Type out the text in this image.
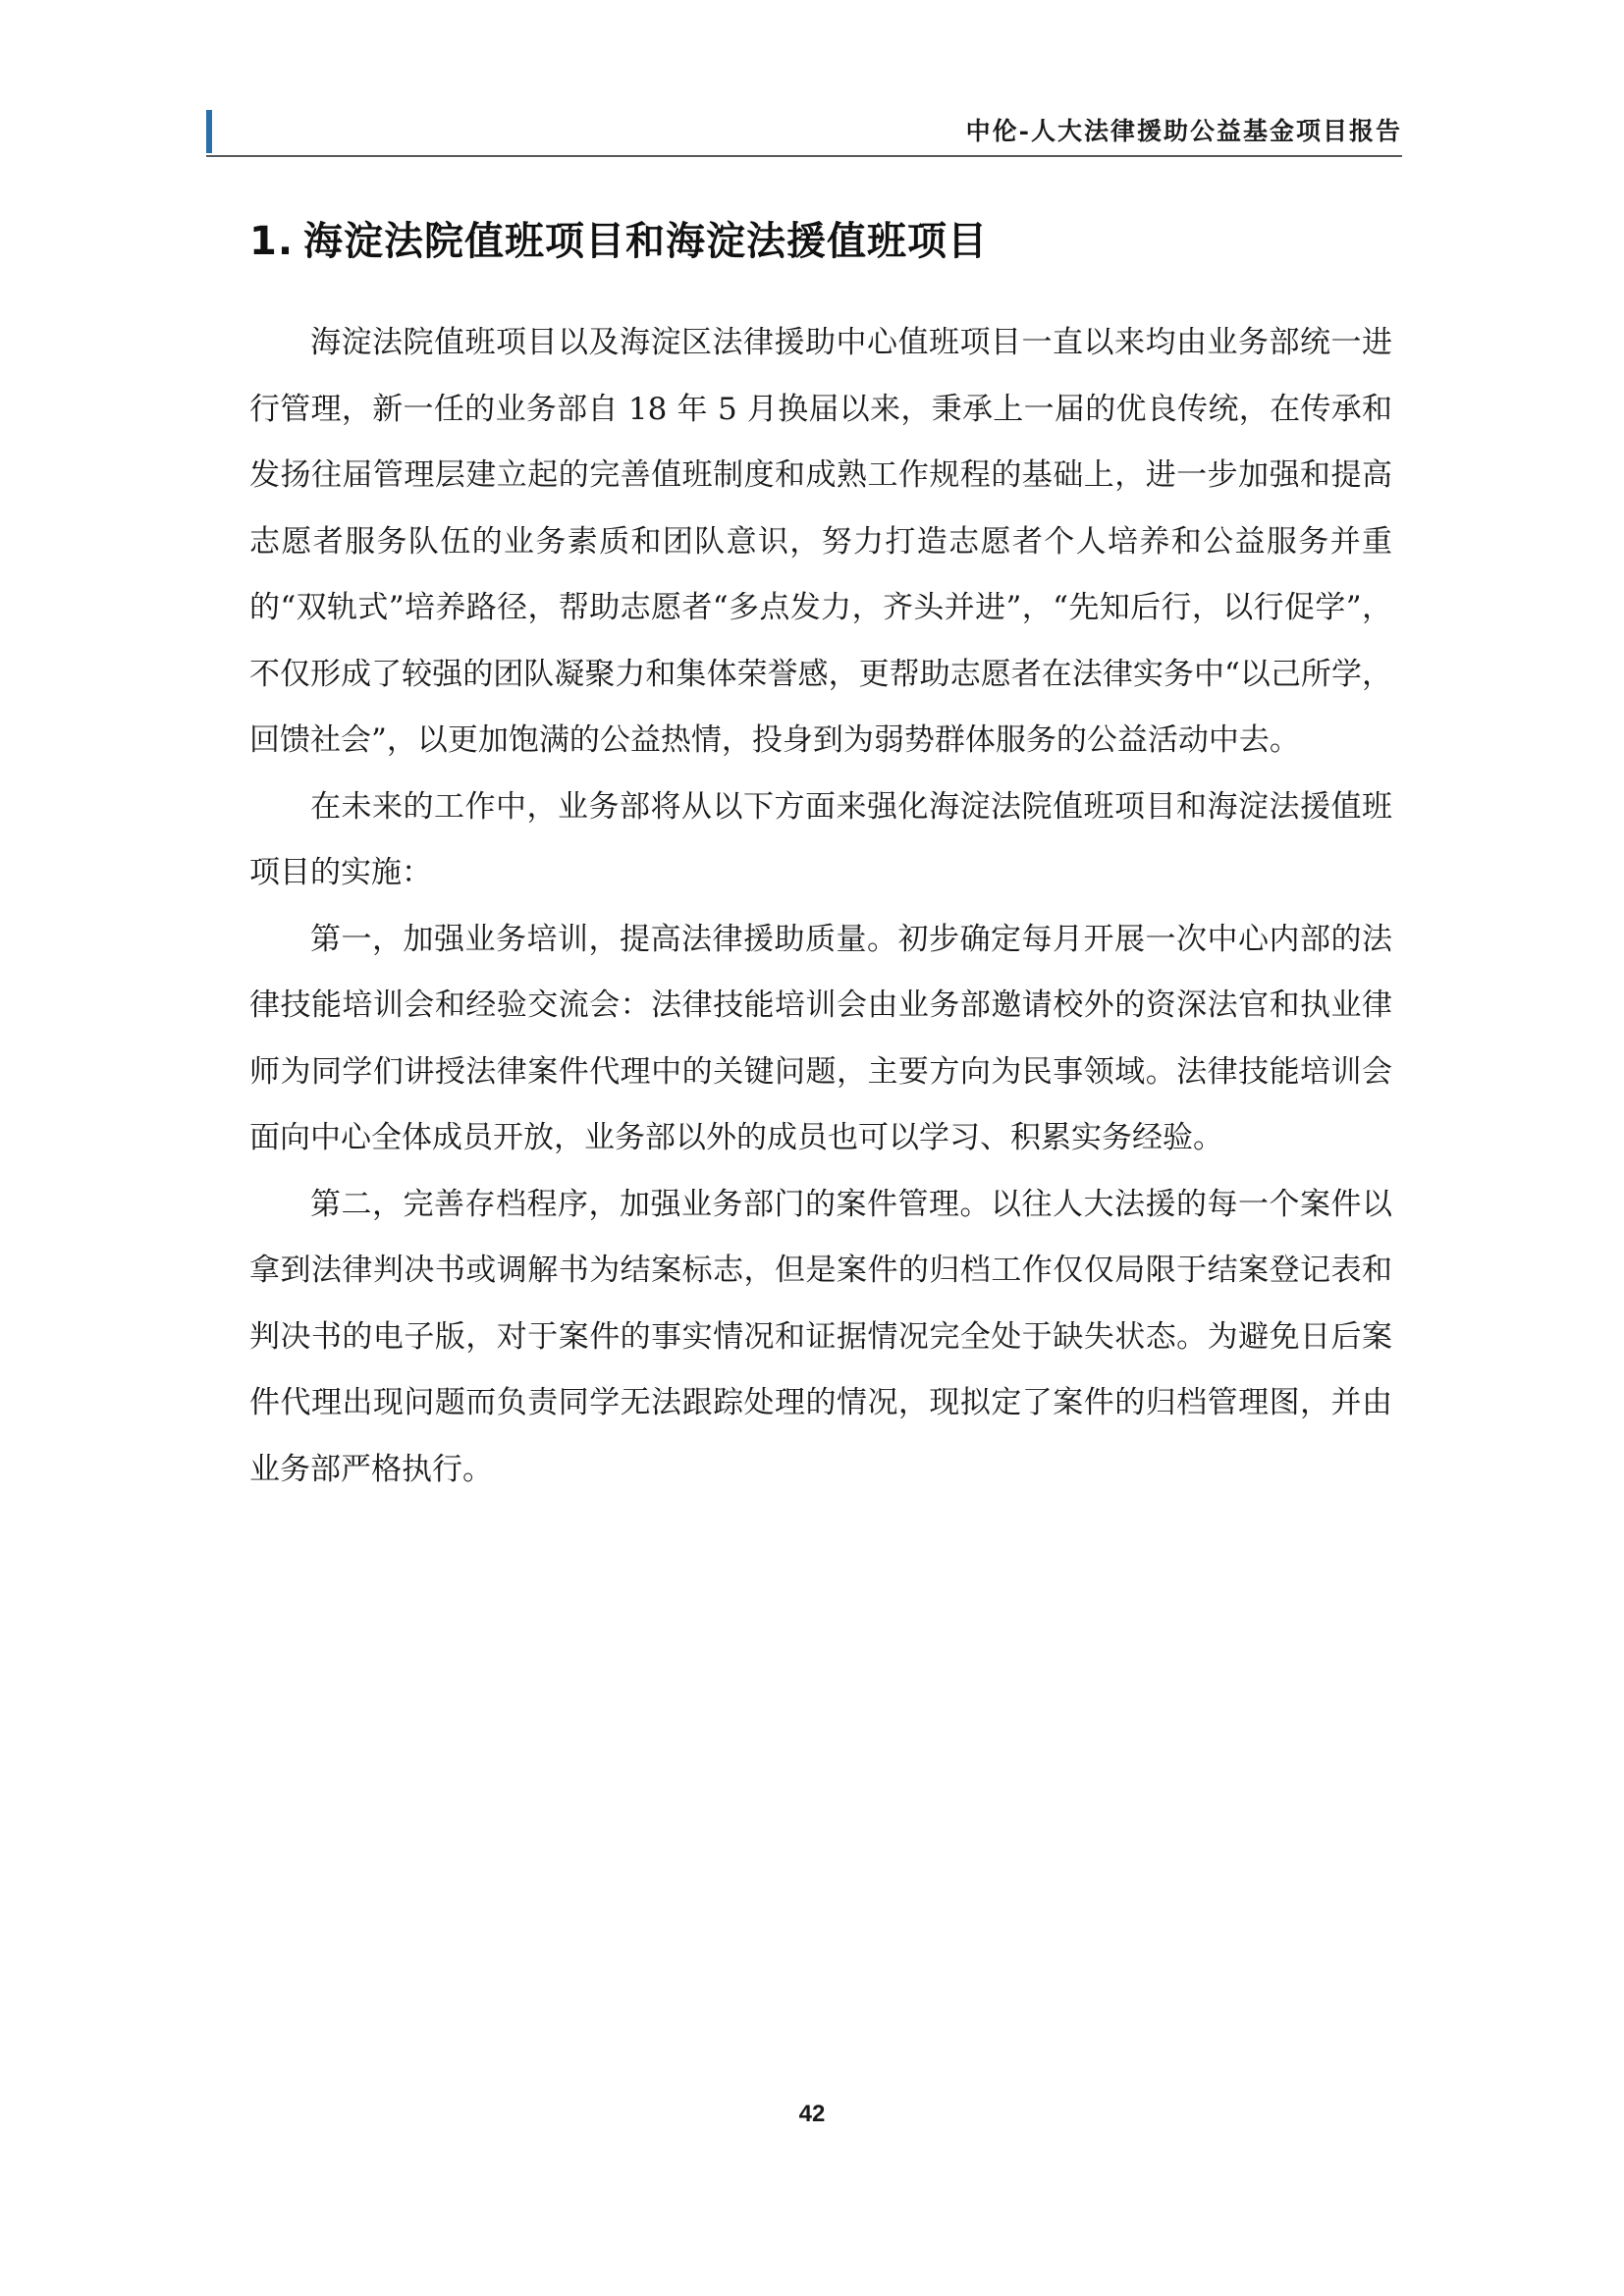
中伦-人大法律援助公益基金项目报告
1. 海淀法院值班项目和海淀法援值班项目

海淀法院值班项目以及海淀区法律援助中心值班项目一直以来均由业务部统一进行管理，新一任的业务部自 18 年 5 月换届以来，秉承上一届的优良传统，在传承和发扬往届管理层建立起的完善值班制度和成熟工作规程的基础上，进一步加强和提高志愿者服务队伍的业务素质和团队意识，努力打造志愿者个人培养和公益服务并重的“双轨式”培养路径，帮助志愿者“多点发力，齐头并进”，“先知后行，以行促学”，不仅形成了较强的团队凝聚力和集体荣誉感，更帮助志愿者在法律实务中“以己所学，回馈社会”，以更加饱满的公益热情，投身到为弱势群体服务的公益活动中去。

在未来的工作中，业务部将从以下方面来强化海淀法院值班项目和海淀法援值班项目的实施：

第一，加强业务培训，提高法律援助质量。初步确定每月开展一次中心内部的法律技能培训会和经验交流会：法律技能培训会由业务部邀请校外的资深法官和执业律师为同学们讲授法律案件代理中的关键问题，主要方向为民事领域。法律技能培训会面向中心全体成员开放，业务部以外的成员也可以学习、积累实务经验。

第二，完善存档程序，加强业务部门的案件管理。以往人大法援的每一个案件以拿到法律判决书或调解书为结案标志，但是案件的归档工作仅仅局限于结案登记表和判决书的电子版，对于案件的事实情况和证据情况完全处于缺失状态。为避免日后案件代理出现问题而负责同学无法跟踪处理的情况，现拟定了案件的归档管理图，并由业务部严格执行。

42
